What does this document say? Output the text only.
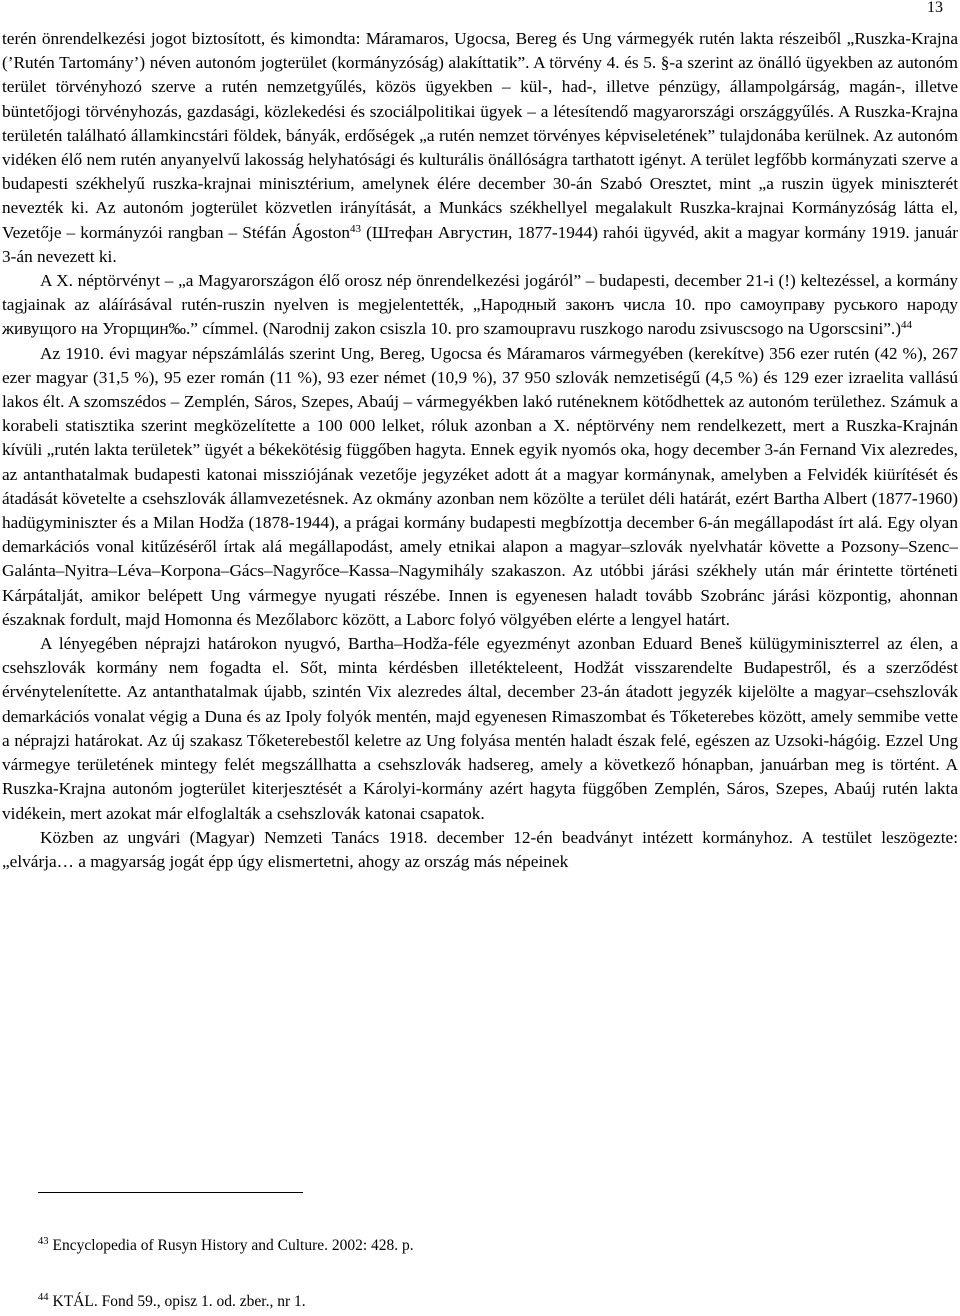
13

terén önrendelkezési jogot biztosított, és kimondta: Máramaros, Ugocsa, Bereg és Ung vármegyék rutén lakta részeiből „Ruszka-Krajna (’Rutén Tartomány’) néven autonóm jogterület (kormányzóság) alakíttatik”. A törvény 4. és 5. §-a szerint az önálló ügyekben az autonóm terület törvényhozó szerve a rutén nemzetgyűlés, közös ügyekben – kül-, had-, illetve pénzügy, állampolgárság, magán-, illetve büntetőjogi törvényhozás, gazdasági, közlekedési és szociálpolitikai ügyek – a létesítendő magyarországi országgyűlés. A Ruszka-Krajna területén található államkincstári földek, bányák, erdőségek „a rutén nemzet törvényes képviseletének” tulajdonába kerülnek. Az autonóm vidéken élő nem rutén anyanyelvű lakosság helyhatósági és kulturális önállóságra tarthatott igényt. A terület legfőbb kormányzati szerve a budapesti székhelyű ruszka-krajnai minisztérium, amelynek élére december 30-án Szabó Oresztet, mint „a ruszin ügyek miniszterét nevezték ki. Az autonóm jogterület közvetlen irányítását, a Munkács székhellyel megalakult Ruszka-krajnai Kormányzóság látta el, Vezetője – kormányzói rangban – Stéfán Ágoston$^{43}$ (Штефан Августин, 1877-1944) rahói ügyvéd, akit a magyar kormány 1919. január 3-án nevezett ki.

A X. néptörvényt – „a Magyarországon élő orosz nép önrendelkezési jogáról” – budapesti, december 21-i (!) keltezéssel, a kormány tagjainak az aláírásával rutén-ruszin nyelven is megjelentették, „Народный законъ числа 10. про самоуправу руського народу живущого на Угорщин‰.” címmel. (Narodnij zakon csiszla 10. pro szamoupravu ruszkogo narodu zsivuscsogo na Ugorscsini”.)$^{44}$

Az 1910. évi magyar népszámlálás szerint Ung, Bereg, Ugocsa és Máramaros vármegyében (kerekítve) 356 ezer rutén (42 %), 267 ezer magyar (31,5 %), 95 ezer román (11 %), 93 ezer német (10,9 %), 37 950 szlovák nemzetiségű (4,5 %) és 129 ezer izraelita vallású lakos élt. A szomszédos – Zemplén, Sáros, Szepes, Abaúj – vármegyékben lakó ruténeknem kötődhettek az autonóm területhez. Számuk a korabeli statisztika szerint megközelítette a 100 000 lelket, róluk azonban a X. néptörvény nem rendelkezett, mert a Ruszka-Krajnán kívüli „rutén lakta területek” ügyét a békekötésig függőben hagyta. Ennek egyik nyomós oka, hogy december 3-án Fernand Vix alezredes, az antanthatalmak budapesti katonai missziójának vezetője jegyzéket adott át a magyar kormánynak, amelyben a Felvidék kiürítését és átadását követelte a csehszlovák államvezetésnek. Az okmány azonban nem közölte a terület déli határát, ezért Bartha Albert (1877-1960) hadügyminiszter és a Milan Hodža (1878-1944), a prágai kormány budapesti megbízottja december 6-án megállapodást írt alá. Egy olyan demarkációs vonal kitűzéséről írtak alá megállapodást, amely etnikai alapon a magyar–szlovák nyelvhatár követte a Pozsony–Szenc–Galánta–Nyitra–Léva–Korpona–Gács–Nagyrőce–Kassa–Nagymihály szakaszon. Az utóbbi járási székhely után már érintette történeti Kárpátalját, amikor belépett Ung vármegye nyugati részébe. Innen is egyenesen haladt tovább Szobránc járási központig, ahonnan északnak fordult, majd Homonna és Mezőlaborc között, a Laborc folyó völgyében elérte a lengyel határt.

A lényegében néprajzi határokon nyugvó, Bartha–Hodža-féle egyezményt azonban Eduard Beneš külügyminiszterrel az élen, a csehszlovák kormány nem fogadta el. Sőt, minta kérdésben illetékteleent, Hodžát visszarendelte Budapestről, és a szerződést érvénytelenítette. Az antanthatalmak újabb, szintén Vix alezredes által, december 23-án átadott jegyzék kijelölte a magyar–csehszlovák demarkációs vonalat végig a Duna és az Ipoly folyók mentén, majd egyenesen Rimaszombat és Tőketerebes között, amely semmibe vette a néprajzi határokat. Az új szakasz Tőketerebestől keletre az Ung folyása mentén haladt észak felé, egészen az Uzsoki-hágóig. Ezzel Ung vármegye területének mintegy felét megszállhatta a csehszlovák hadsereg, amely a következő hónapban, januárban meg is történt. A Ruszka-Krajna autonóm jogterület kiterjesztését a Károlyi-kormány azért hagyta függőben Zemplén, Sáros, Szepes, Abaúj rutén lakta vidékein, mert azokat már elfoglalták a csehszlovák katonai csapatok.

Közben az ungvári (Magyar) Nemzeti Tanács 1918. december 12-én beadványt intézett kormányhoz. A testület leszögezte: „elvárja… a magyarság jogát épp úgy elismertetni, ahogy az ország más népeinek

$^{43}$ Encyclopedia of Rusyn History and Culture. 2002: 428. p.
$^{44}$ KTÁL. Fond 59., opisz 1. od. zber., nr 1.
